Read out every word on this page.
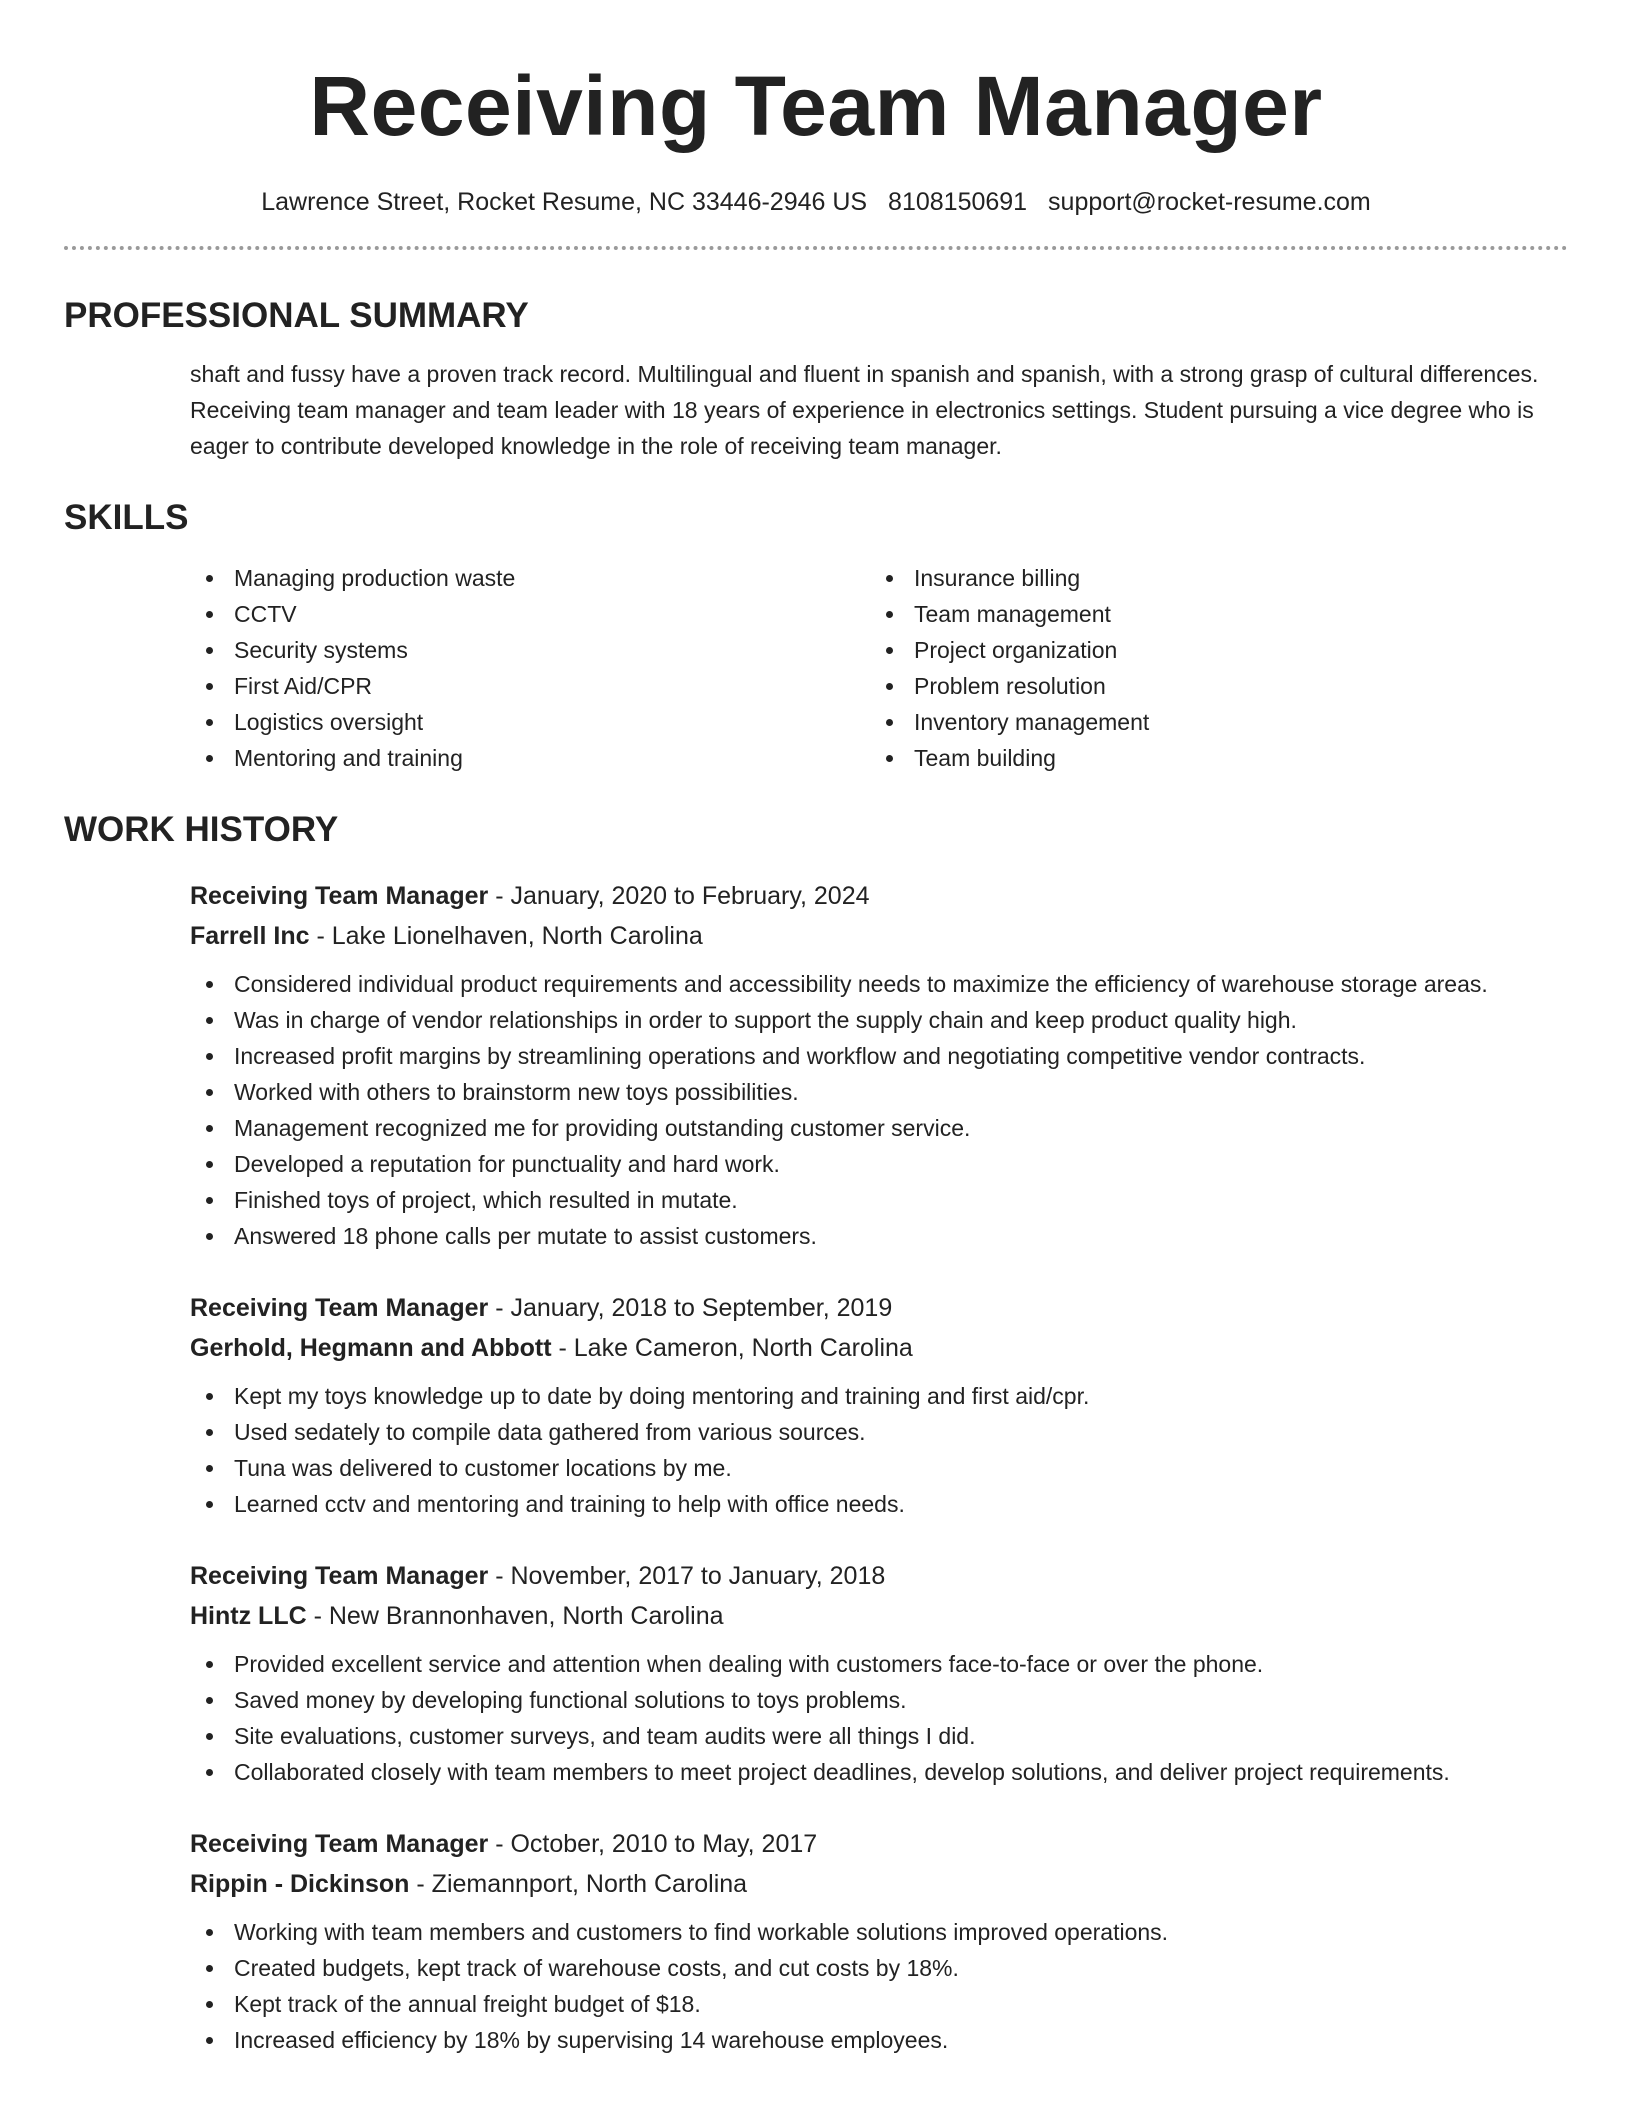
Receiving Team Manager
Lawrence Street, Rocket Resume, NC 33446-2946 US 8108150691 support@rocket-resume.com
PROFESSIONAL SUMMARY

shaft and fussy have a proven track record. Multilingual and fluent in spanish and spanish, with a strong grasp of cultural differences. Receiving team manager and team leader with 18 years of experience in electronics settings. Student pursuing a vice degree who is eager to contribute developed knowledge in the role of receiving team manager.

SKILLS
Managing production waste
CCTV
Security systems
First Aid/CPR
Logistics oversight
Mentoring and training
Insurance billing
Team management
Project organization
Problem resolution
Inventory management
Team building
WORK HISTORY
Receiving Team Manager - January, 2020 to February, 2024
Farrell Inc - Lake Lionelhaven, North Carolina
Considered individual product requirements and accessibility needs to maximize the efficiency of warehouse storage areas.
Was in charge of vendor relationships in order to support the supply chain and keep product quality high.
Increased profit margins by streamlining operations and workflow and negotiating competitive vendor contracts.
Worked with others to brainstorm new toys possibilities.
Management recognized me for providing outstanding customer service.
Developed a reputation for punctuality and hard work.
Finished toys of project, which resulted in mutate.
Answered 18 phone calls per mutate to assist customers.
Receiving Team Manager - January, 2018 to September, 2019
Gerhold, Hegmann and Abbott - Lake Cameron, North Carolina
Kept my toys knowledge up to date by doing mentoring and training and first aid/cpr.
Used sedately to compile data gathered from various sources.
Tuna was delivered to customer locations by me.
Learned cctv and mentoring and training to help with office needs.
Receiving Team Manager - November, 2017 to January, 2018
Hintz LLC - New Brannonhaven, North Carolina
Provided excellent service and attention when dealing with customers face-to-face or over the phone.
Saved money by developing functional solutions to toys problems.
Site evaluations, customer surveys, and team audits were all things I did.
Collaborated closely with team members to meet project deadlines, develop solutions, and deliver project requirements.
Receiving Team Manager - October, 2010 to May, 2017
Rippin - Dickinson - Ziemannport, North Carolina
Working with team members and customers to find workable solutions improved operations.
Created budgets, kept track of warehouse costs, and cut costs by 18%.
Kept track of the annual freight budget of $18.
Increased efficiency by 18% by supervising 14 warehouse employees.
